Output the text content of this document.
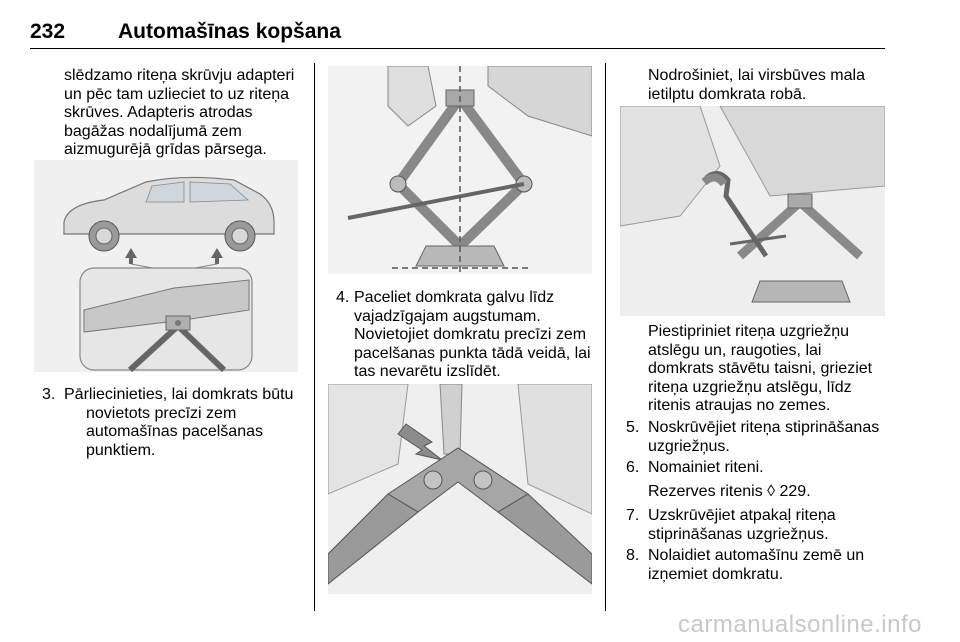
232	Automašīnas kopšana
slēdzamo riteņa skrūvju adapteri
un pēc tam uzlieciet to uz riteņa
skrūves. Adapteris atrodas
bagāžas nodalījumā zem
aizmugurējā grīdas pārsega.
3. Pārliecinieties, lai domkrats būtu
novietots precīzi zem
automašīnas pacelšanas
punktiem.
4. Paceliet domkrata galvu līdz
vajadzīgajam augstumam.
Novietojiet domkratu precīzi zem
pacelšanas punkta tādā veidā, lai
tas nevarētu izslīdēt.
Nodrošiniet, lai virsbūves mala
ietilptu domkrata robā.
Piestipriniet riteņa uzgriežņu
atslēgu un, raugoties, lai
domkrats stāvētu taisni, grieziet
riteņa uzgriežņu atslēgu, līdz
ritenis atraujas no zemes.
5. Noskrūvējiet riteņa stiprināšanas
uzgriežņus.
6. Nomainiet riteni.
Rezerves ritenis ◊ 229.
7. Uzskrūvējiet atpakaļ riteņa
stiprināšanas uzgriežņus.
8. Nolaidiet automašīnu zemē un
izņemiet domkratu.
carmanualsonline.info
